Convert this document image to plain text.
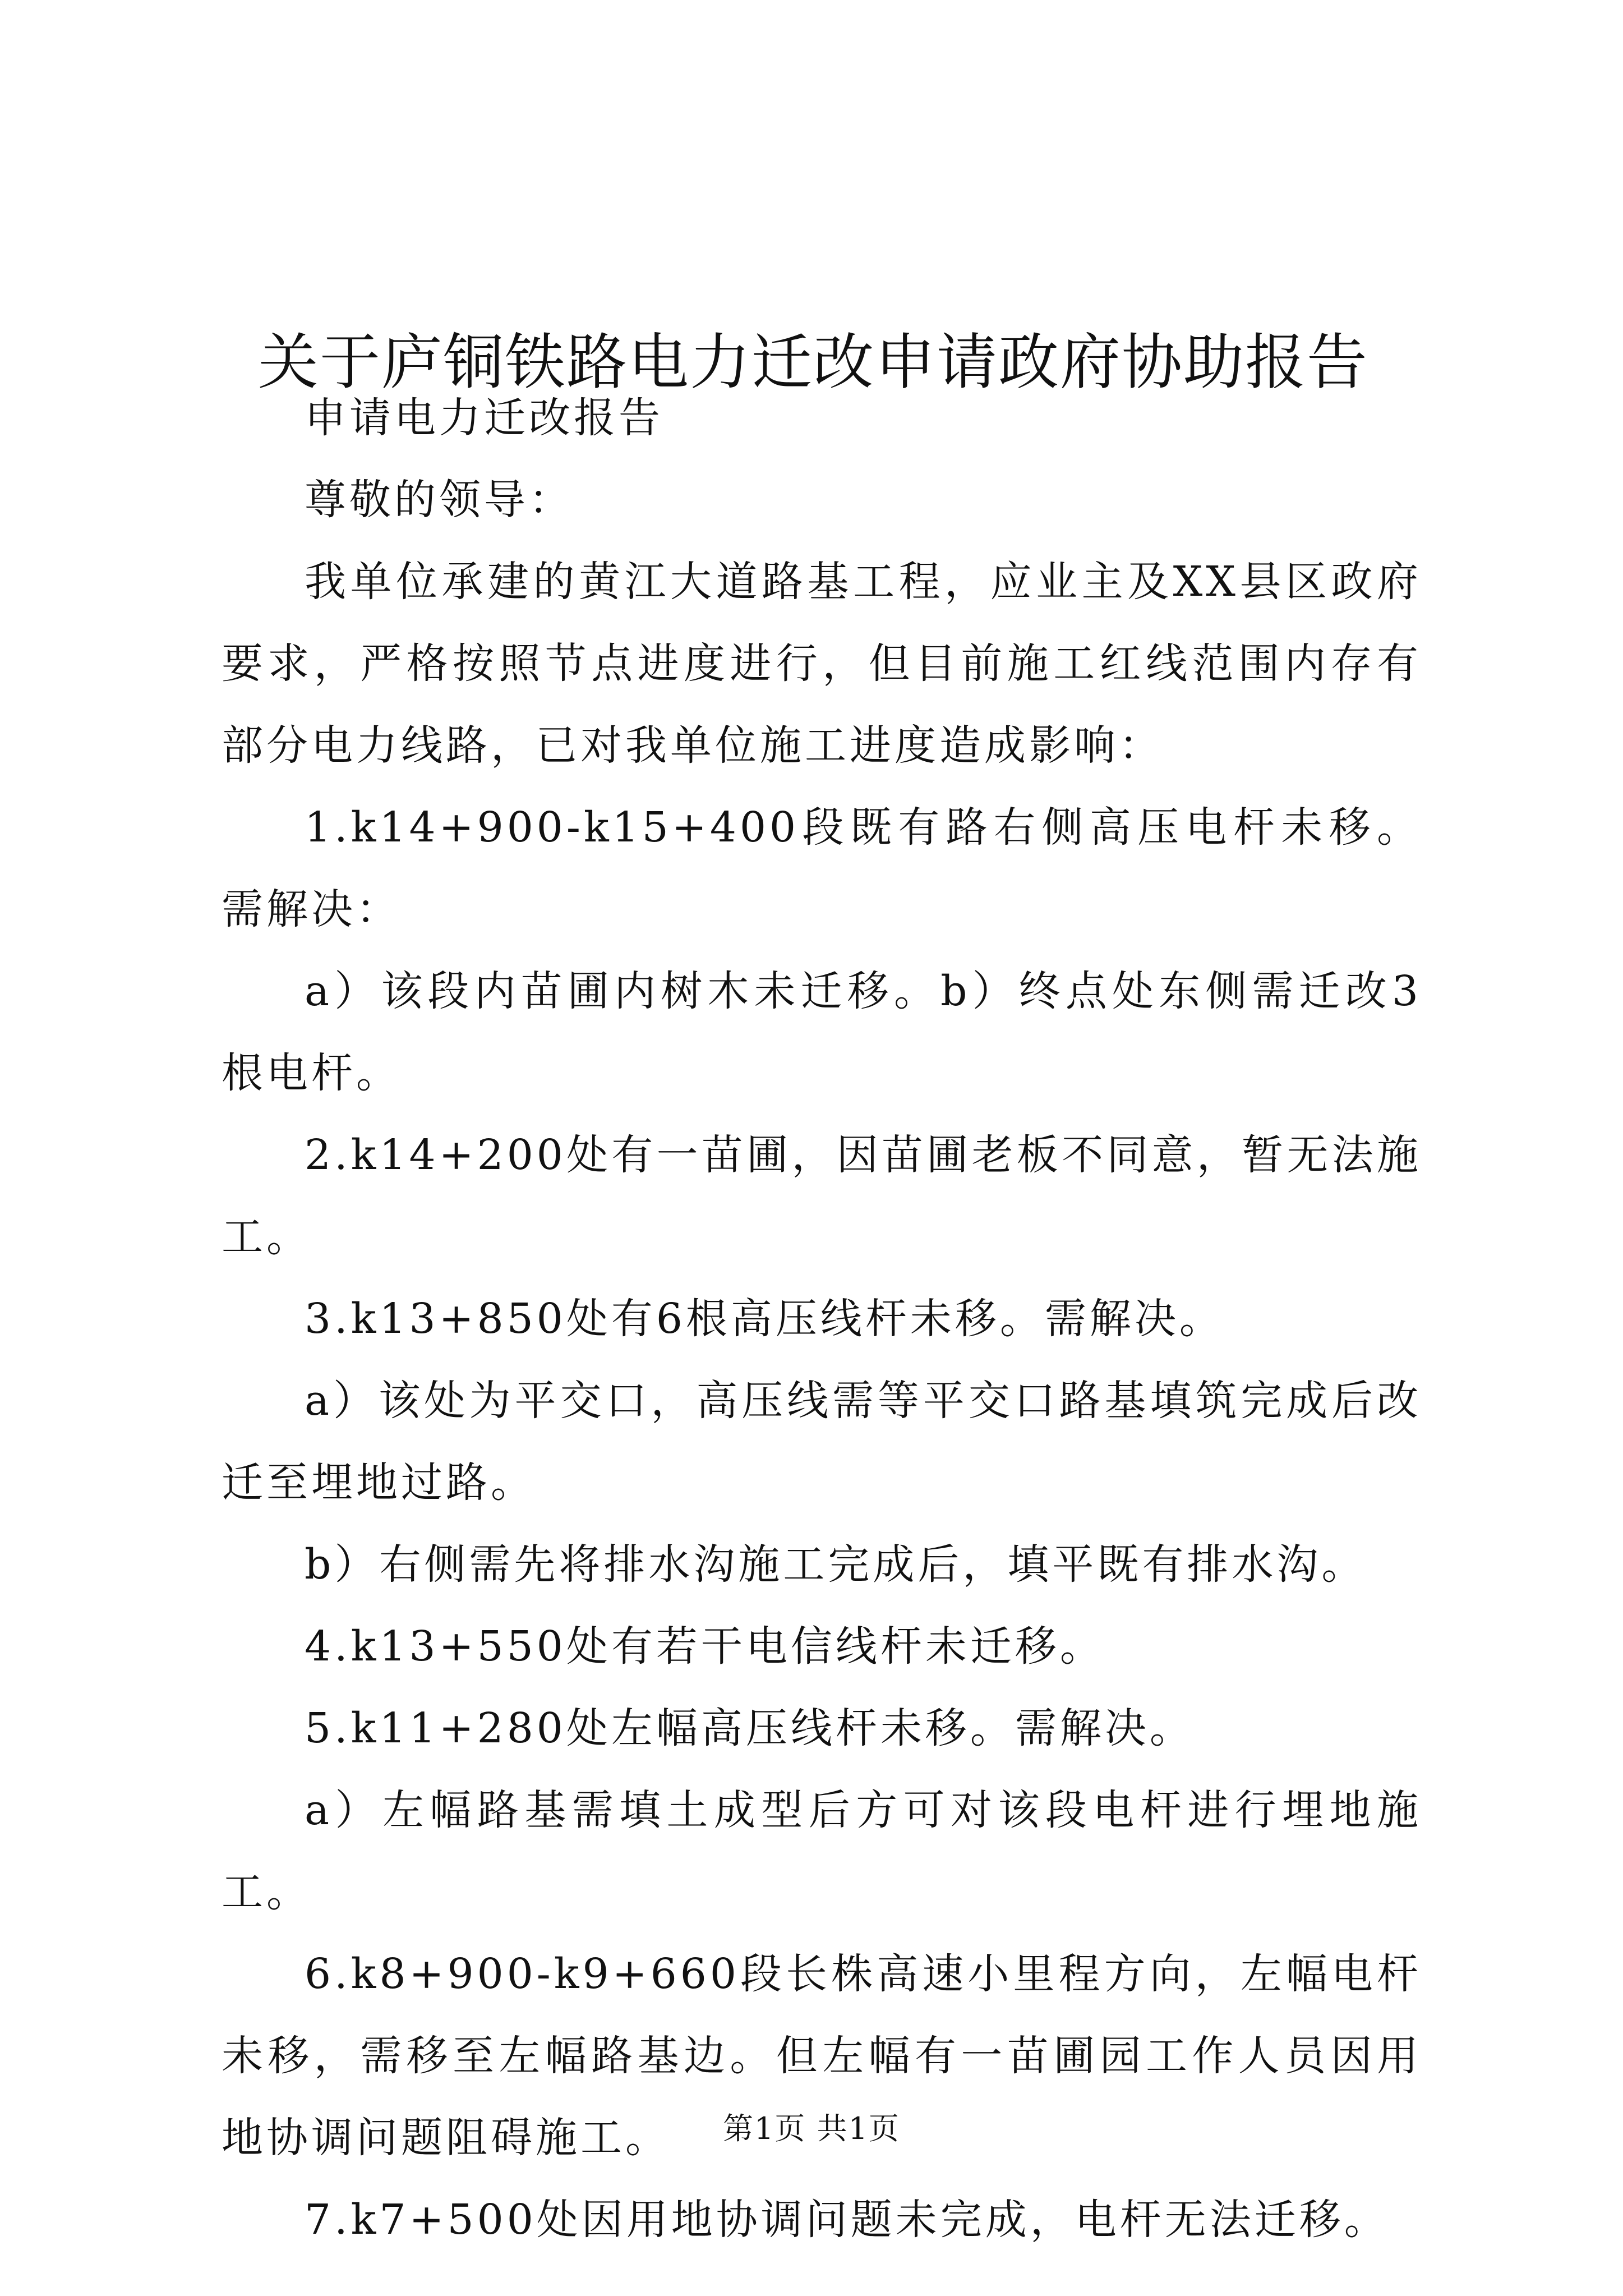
关于庐铜铁路电力迁改申请政府协助报告

申请电力迁改报告

尊敬的领导：

我单位承建的黄江大道路基工程，应业主及XX县区政府要求，严格按照节点进度进行，但目前施工红线范围内存有部分电力线路，已对我单位施工进度造成影响：

1.k14+900-k15+400段既有路右侧高压电杆未移。需解决：

a）该段内苗圃内树木未迁移。b）终点处东侧需迁改3根电杆。

2.k14+200处有一苗圃，因苗圃老板不同意，暂无法施工。

3.k13+850处有6根高压线杆未移。需解决。

a）该处为平交口，高压线需等平交口路基填筑完成后改迁至埋地过路。

b）右侧需先将排水沟施工完成后，填平既有排水沟。

4.k13+550处有若干电信线杆未迁移。

5.k11+280处左幅高压线杆未移。需解决。

a）左幅路基需填土成型后方可对该段电杆进行埋地施工。

6.k8+900-k9+660段长株高速小里程方向，左幅电杆未移，需移至左幅路基边。但左幅有一苗圃园工作人员因用地协调问题阻碍施工。

7.k7+500处因用地协调问题未完成，电杆无法迁移。

第1页 共1页
